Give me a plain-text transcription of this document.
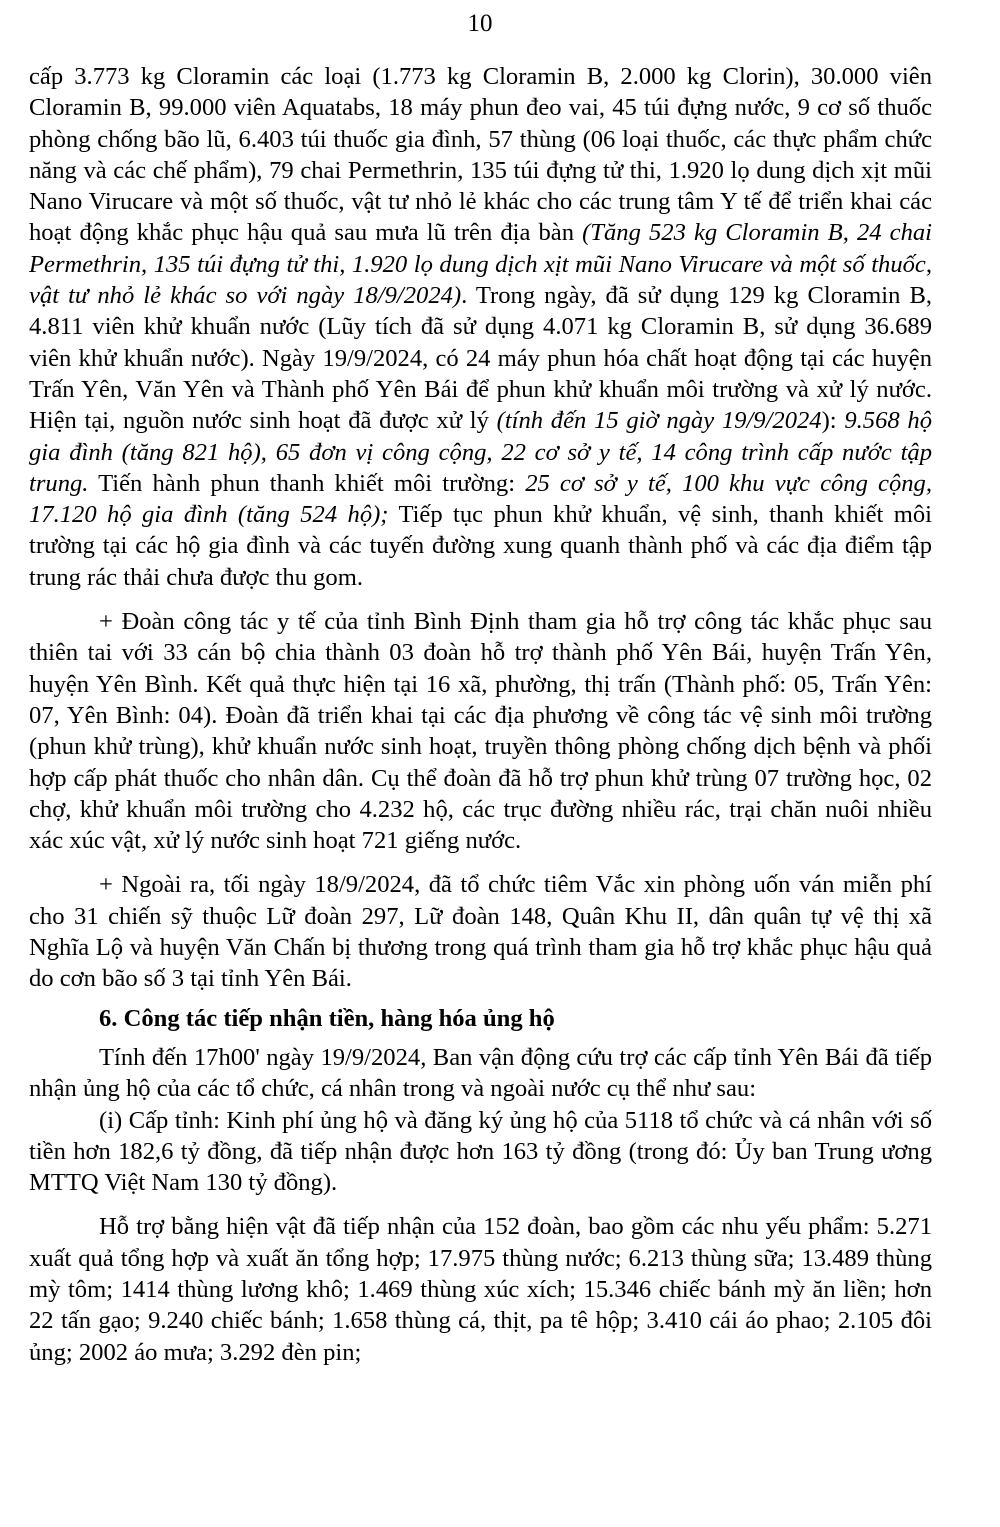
10

cấp 3.773 kg Cloramin các loại (1.773 kg Cloramin B, 2.000 kg Clorin), 30.000 viên Cloramin B, 99.000 viên Aquatabs, 18 máy phun đeo vai, 45 túi đựng nước, 9 cơ số thuốc phòng chống bão lũ, 6.403 túi thuốc gia đình, 57 thùng (06 loại thuốc, các thực phẩm chức năng và các chế phẩm), 79 chai Permethrin, 135 túi đựng tử thi, 1.920 lọ dung dịch xịt mũi Nano Virucare và một số thuốc, vật tư nhỏ lẻ khác cho các trung tâm Y tế để triển khai các hoạt động khắc phục hậu quả sau mưa lũ trên địa bàn (Tăng 523 kg Cloramin B, 24 chai Permethrin, 135 túi đựng tử thi, 1.920 lọ dung dịch xịt mũi Nano Virucare và một số thuốc, vật tư nhỏ lẻ khác so với ngày 18/9/2024). Trong ngày, đã sử dụng 129 kg Cloramin B, 4.811 viên khử khuẩn nước (Lũy tích đã sử dụng 4.071 kg Cloramin B, sử dụng 36.689 viên khử khuẩn nước). Ngày 19/9/2024, có 24 máy phun hóa chất hoạt động tại các huyện Trấn Yên, Văn Yên và Thành phố Yên Bái để phun khử khuẩn môi trường và xử lý nước. Hiện tại, nguồn nước sinh hoạt đã được xử lý (tính đến 15 giờ ngày 19/9/2024): 9.568 hộ gia đình (tăng 821 hộ), 65 đơn vị công cộng, 22 cơ sở y tế, 14 công trình cấp nước tập trung. Tiến hành phun thanh khiết môi trường: 25 cơ sở y tế, 100 khu vực công cộng, 17.120 hộ gia đình (tăng 524 hộ); Tiếp tục phun khử khuẩn, vệ sinh, thanh khiết môi trường tại các hộ gia đình và các tuyến đường xung quanh thành phố và các địa điểm tập trung rác thải chưa được thu gom.

+ Đoàn công tác y tế của tỉnh Bình Định tham gia hỗ trợ công tác khắc phục sau thiên tai với 33 cán bộ chia thành 03 đoàn hỗ trợ thành phố Yên Bái, huyện Trấn Yên, huyện Yên Bình. Kết quả thực hiện tại 16 xã, phường, thị trấn (Thành phố: 05, Trấn Yên: 07, Yên Bình: 04). Đoàn đã triển khai tại các địa phương về công tác vệ sinh môi trường (phun khử trùng), khử khuẩn nước sinh hoạt, truyền thông phòng chống dịch bệnh và phối hợp cấp phát thuốc cho nhân dân. Cụ thể đoàn đã hỗ trợ phun khử trùng 07 trường học, 02 chợ, khử khuẩn môi trường cho 4.232 hộ, các trục đường nhiều rác, trại chăn nuôi nhiều xác xúc vật, xử lý nước sinh hoạt 721 giếng nước.

+ Ngoài ra, tối ngày 18/9/2024, đã tổ chức tiêm Vắc xin phòng uốn ván miễn phí cho 31 chiến sỹ thuộc Lữ đoàn 297, Lữ đoàn 148, Quân Khu II, dân quân tự vệ thị xã Nghĩa Lộ và huyện Văn Chấn bị thương trong quá trình tham gia hỗ trợ khắc phục hậu quả do cơn bão số 3 tại tỉnh Yên Bái.

6. Công tác tiếp nhận tiền, hàng hóa ủng hộ

Tính đến 17h00' ngày 19/9/2024, Ban vận động cứu trợ các cấp tỉnh Yên Bái đã tiếp nhận ủng hộ của các tổ chức, cá nhân trong và ngoài nước cụ thể như sau:

(i) Cấp tỉnh: Kinh phí ủng hộ và đăng ký ủng hộ của 5118 tổ chức và cá nhân với số tiền hơn 182,6 tỷ đồng, đã tiếp nhận được hơn 163 tỷ đồng (trong đó: Ủy ban Trung ương MTTQ Việt Nam 130 tỷ đồng).

Hỗ trợ bằng hiện vật đã tiếp nhận của 152 đoàn, bao gồm các nhu yếu phẩm: 5.271 xuất quả tổng hợp và xuất ăn tổng hợp; 17.975 thùng nước; 6.213 thùng sữa; 13.489 thùng mỳ tôm; 1414 thùng lương khô; 1.469 thùng xúc xích; 15.346 chiếc bánh mỳ ăn liền; hơn 22 tấn gạo; 9.240 chiếc bánh; 1.658 thùng cá, thịt, pa tê hộp; 3.410 cái áo phao; 2.105 đôi ủng; 2002 áo mưa; 3.292 đèn pin;
